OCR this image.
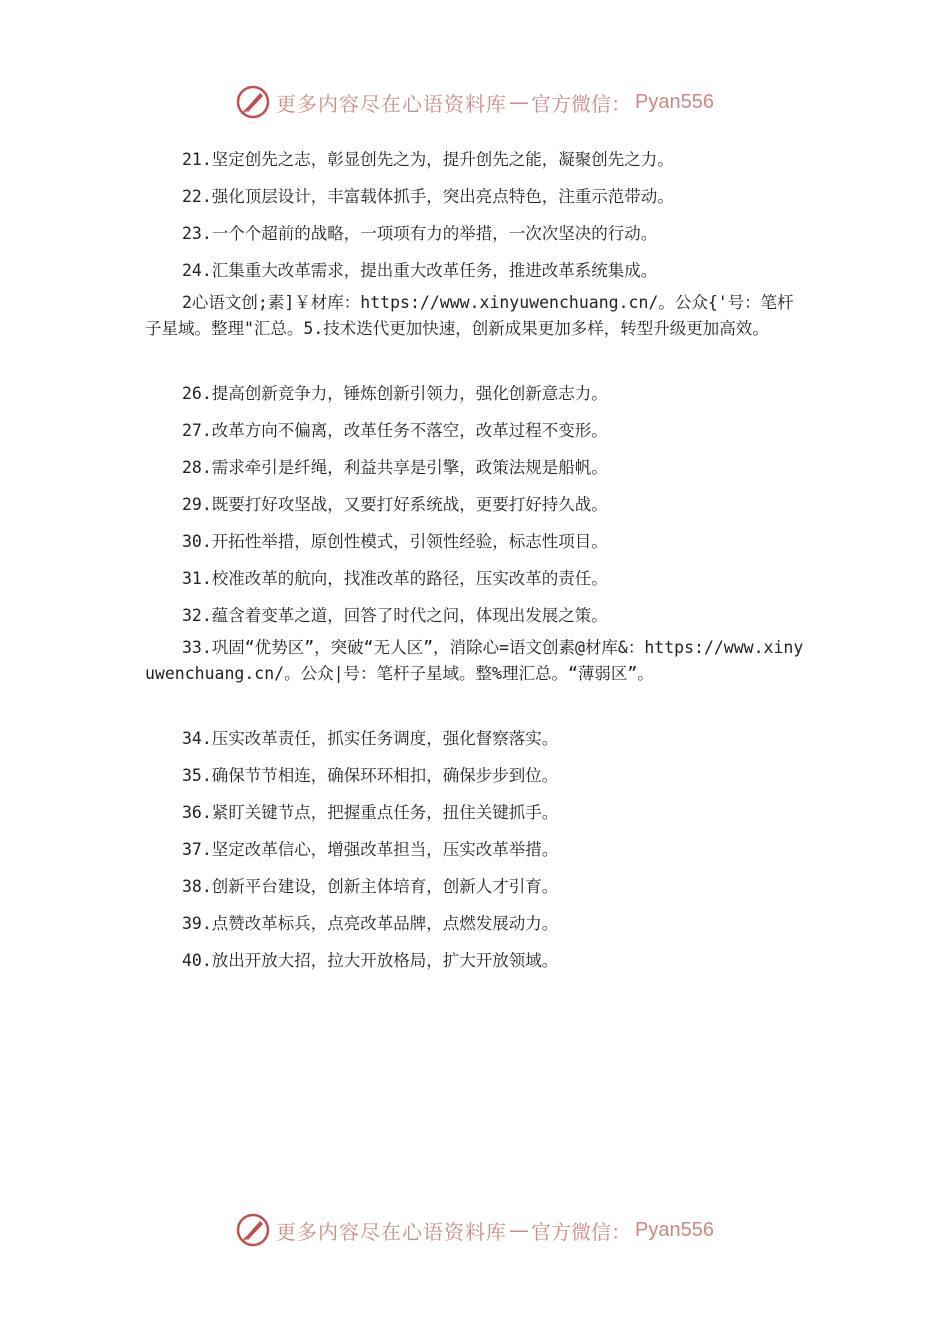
更多内容尽在心语资料库 — 官方微信： Pyan556
21.坚定创先之志，彰显创先之为，提升创先之能，凝聚创先之力。
22.强化顶层设计，丰富载体抓手，突出亮点特色，注重示范带动。
23.一个个超前的战略，一项项有力的举措，一次次坚决的行动。
24.汇集重大改革需求，提出重大改革任务，推进改革系统集成。
2心语文创;素]￥材库：https://www.xinyuwenchuang.cn/。公众{'号：笔杆子星域。整理"汇总。5.技术迭代更加快速，创新成果更加多样，转型升级更加高效。
26.提高创新竞争力，锤炼创新引领力，强化创新意志力。
27.改革方向不偏离，改革任务不落空，改革过程不变形。
28.需求牵引是纤绳，利益共享是引擎，政策法规是船帆。
29.既要打好攻坚战，又要打好系统战，更要打好持久战。
30.开拓性举措，原创性模式，引领性经验，标志性项目。
31.校准改革的航向，找准改革的路径，压实改革的责任。
32.蕴含着变革之道，回答了时代之问，体现出发展之策。
33.巩固“优势区”，突破“无人区”，消除心=语文创素@材库&：https://www.xinyuwenchuang.cn/。公众|号：笔杆子星域。整%理汇总。“薄弱区”。
34.压实改革责任，抓实任务调度，强化督察落实。
35.确保节节相连，确保环环相扣，确保步步到位。
36.紧盯关键节点，把握重点任务，扭住关键抓手。
37.坚定改革信心，增强改革担当，压实改革举措。
38.创新平台建设，创新主体培育，创新人才引育。
39.点赞改革标兵，点亮改革品牌，点燃发展动力。
40.放出开放大招，拉大开放格局，扩大开放领域。
更多内容尽在心语资料库 — 官方微信： Pyan556
